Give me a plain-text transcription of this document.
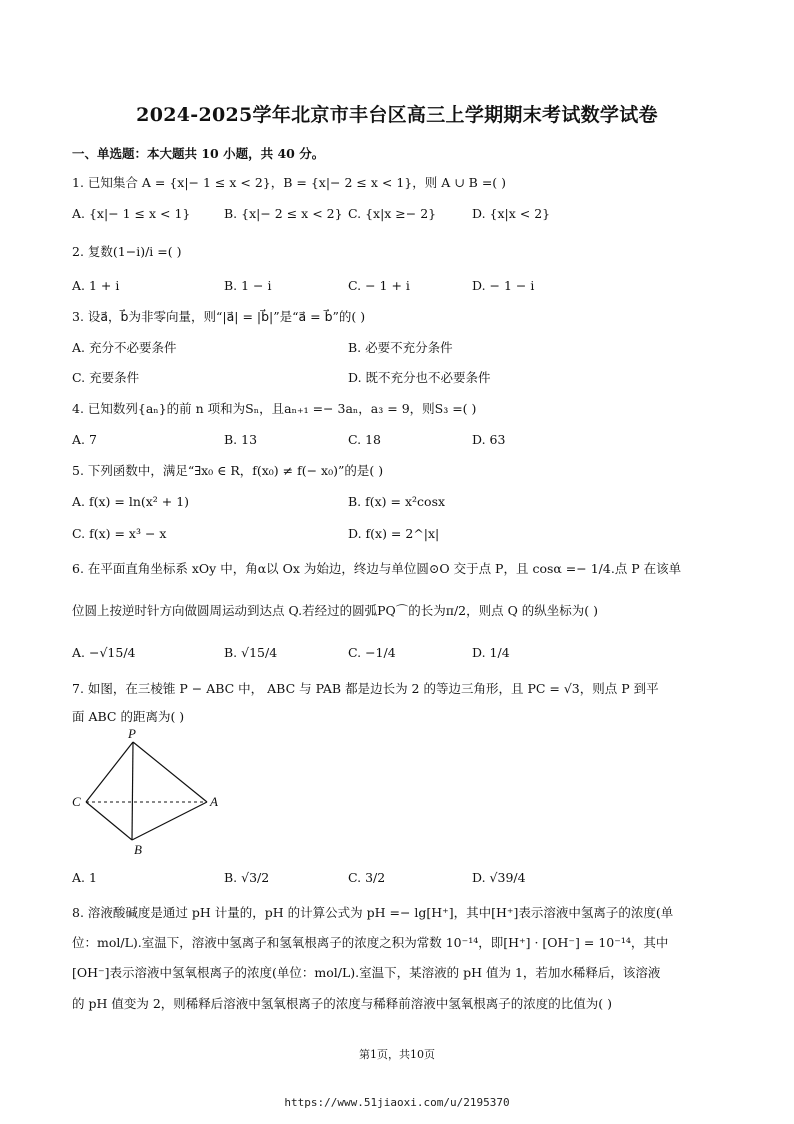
2024-2025学年北京市丰台区高三上学期期末考试数学试卷
一、单选题：本大题共 10 小题，共 40 分。
1. 已知集合 A = {x|− 1 ≤ x < 2}，B = {x|− 2 ≤ x < 1}，则 A ∪ B =( )
A. {x|− 1 ≤ x < 1}	B. {x|− 2 ≤ x < 2} C. {x|x ≥− 2}	D. {x|x < 2}
2. 复数(1−i)/i =( )
A. 1 + i	B. 1 − i	C. − 1 + i	D. − 1 − i
3. 设a⃗，b⃗为非零向量，则“|a⃗| = |b⃗|”是“a⃗ = b⃗”的( )
A. 充分不必要条件	B. 必要不充分条件
C. 充要条件	D. 既不充分也不必要条件
4. 已知数列{aₙ}的前 n 项和为Sₙ，且aₙ₊₁ =− 3aₙ，a₃ = 9，则S₃ =( )
A. 7	B. 13	C. 18	D. 63
5. 下列函数中，满足“∃x₀ ∈ R，f(x₀) ≠ f(− x₀)”的是( )
A. f(x) = ln(x² + 1)	B. f(x) = x²cosx
C. f(x) = x³ − x	D. f(x) = 2^|x|
6. 在平面直角坐标系 xOy 中，角α以 Ox 为始边，终边与单位圆⊙O 交于点 P，且 cosα =− 1/4.点 P 在该单
位圆上按逆时针方向做圆周运动到达点 Q.若经过的圆弧PQ⌒的长为π/2，则点 Q 的纵坐标为( )
A. −√15/4	B. √15/4	C. −1/4	D. 1/4
7. 如图，在三棱锥 P − ABC 中， ABC 与 PAB 都是边长为 2 的等边三角形，且 PC = √3，则点 P 到平
面 ABC 的距离为( )
P
A
B
C
A. 1	B. √3/2	C. 3/2	D. √39/4
8. 溶液酸碱度是通过 pH 计量的，pH 的计算公式为 pH =− lg[H⁺]，其中[H⁺]表示溶液中氢离子的浓度(单
位：mol/L).室温下，溶液中氢离子和氢氧根离子的浓度之积为常数 10⁻¹⁴，即[H⁺] · [OH⁻] = 10⁻¹⁴，其中
[OH⁻]表示溶液中氢氧根离子的浓度(单位：mol/L).室温下，某溶液的 pH 值为 1，若加水稀释后，该溶液
的 pH 值变为 2，则稀释后溶液中氢氧根离子的浓度与稀释前溶液中氢氧根离子的浓度的比值为( )
第1页，共10页
https://www.51jiaoxi.com/u/2195370
